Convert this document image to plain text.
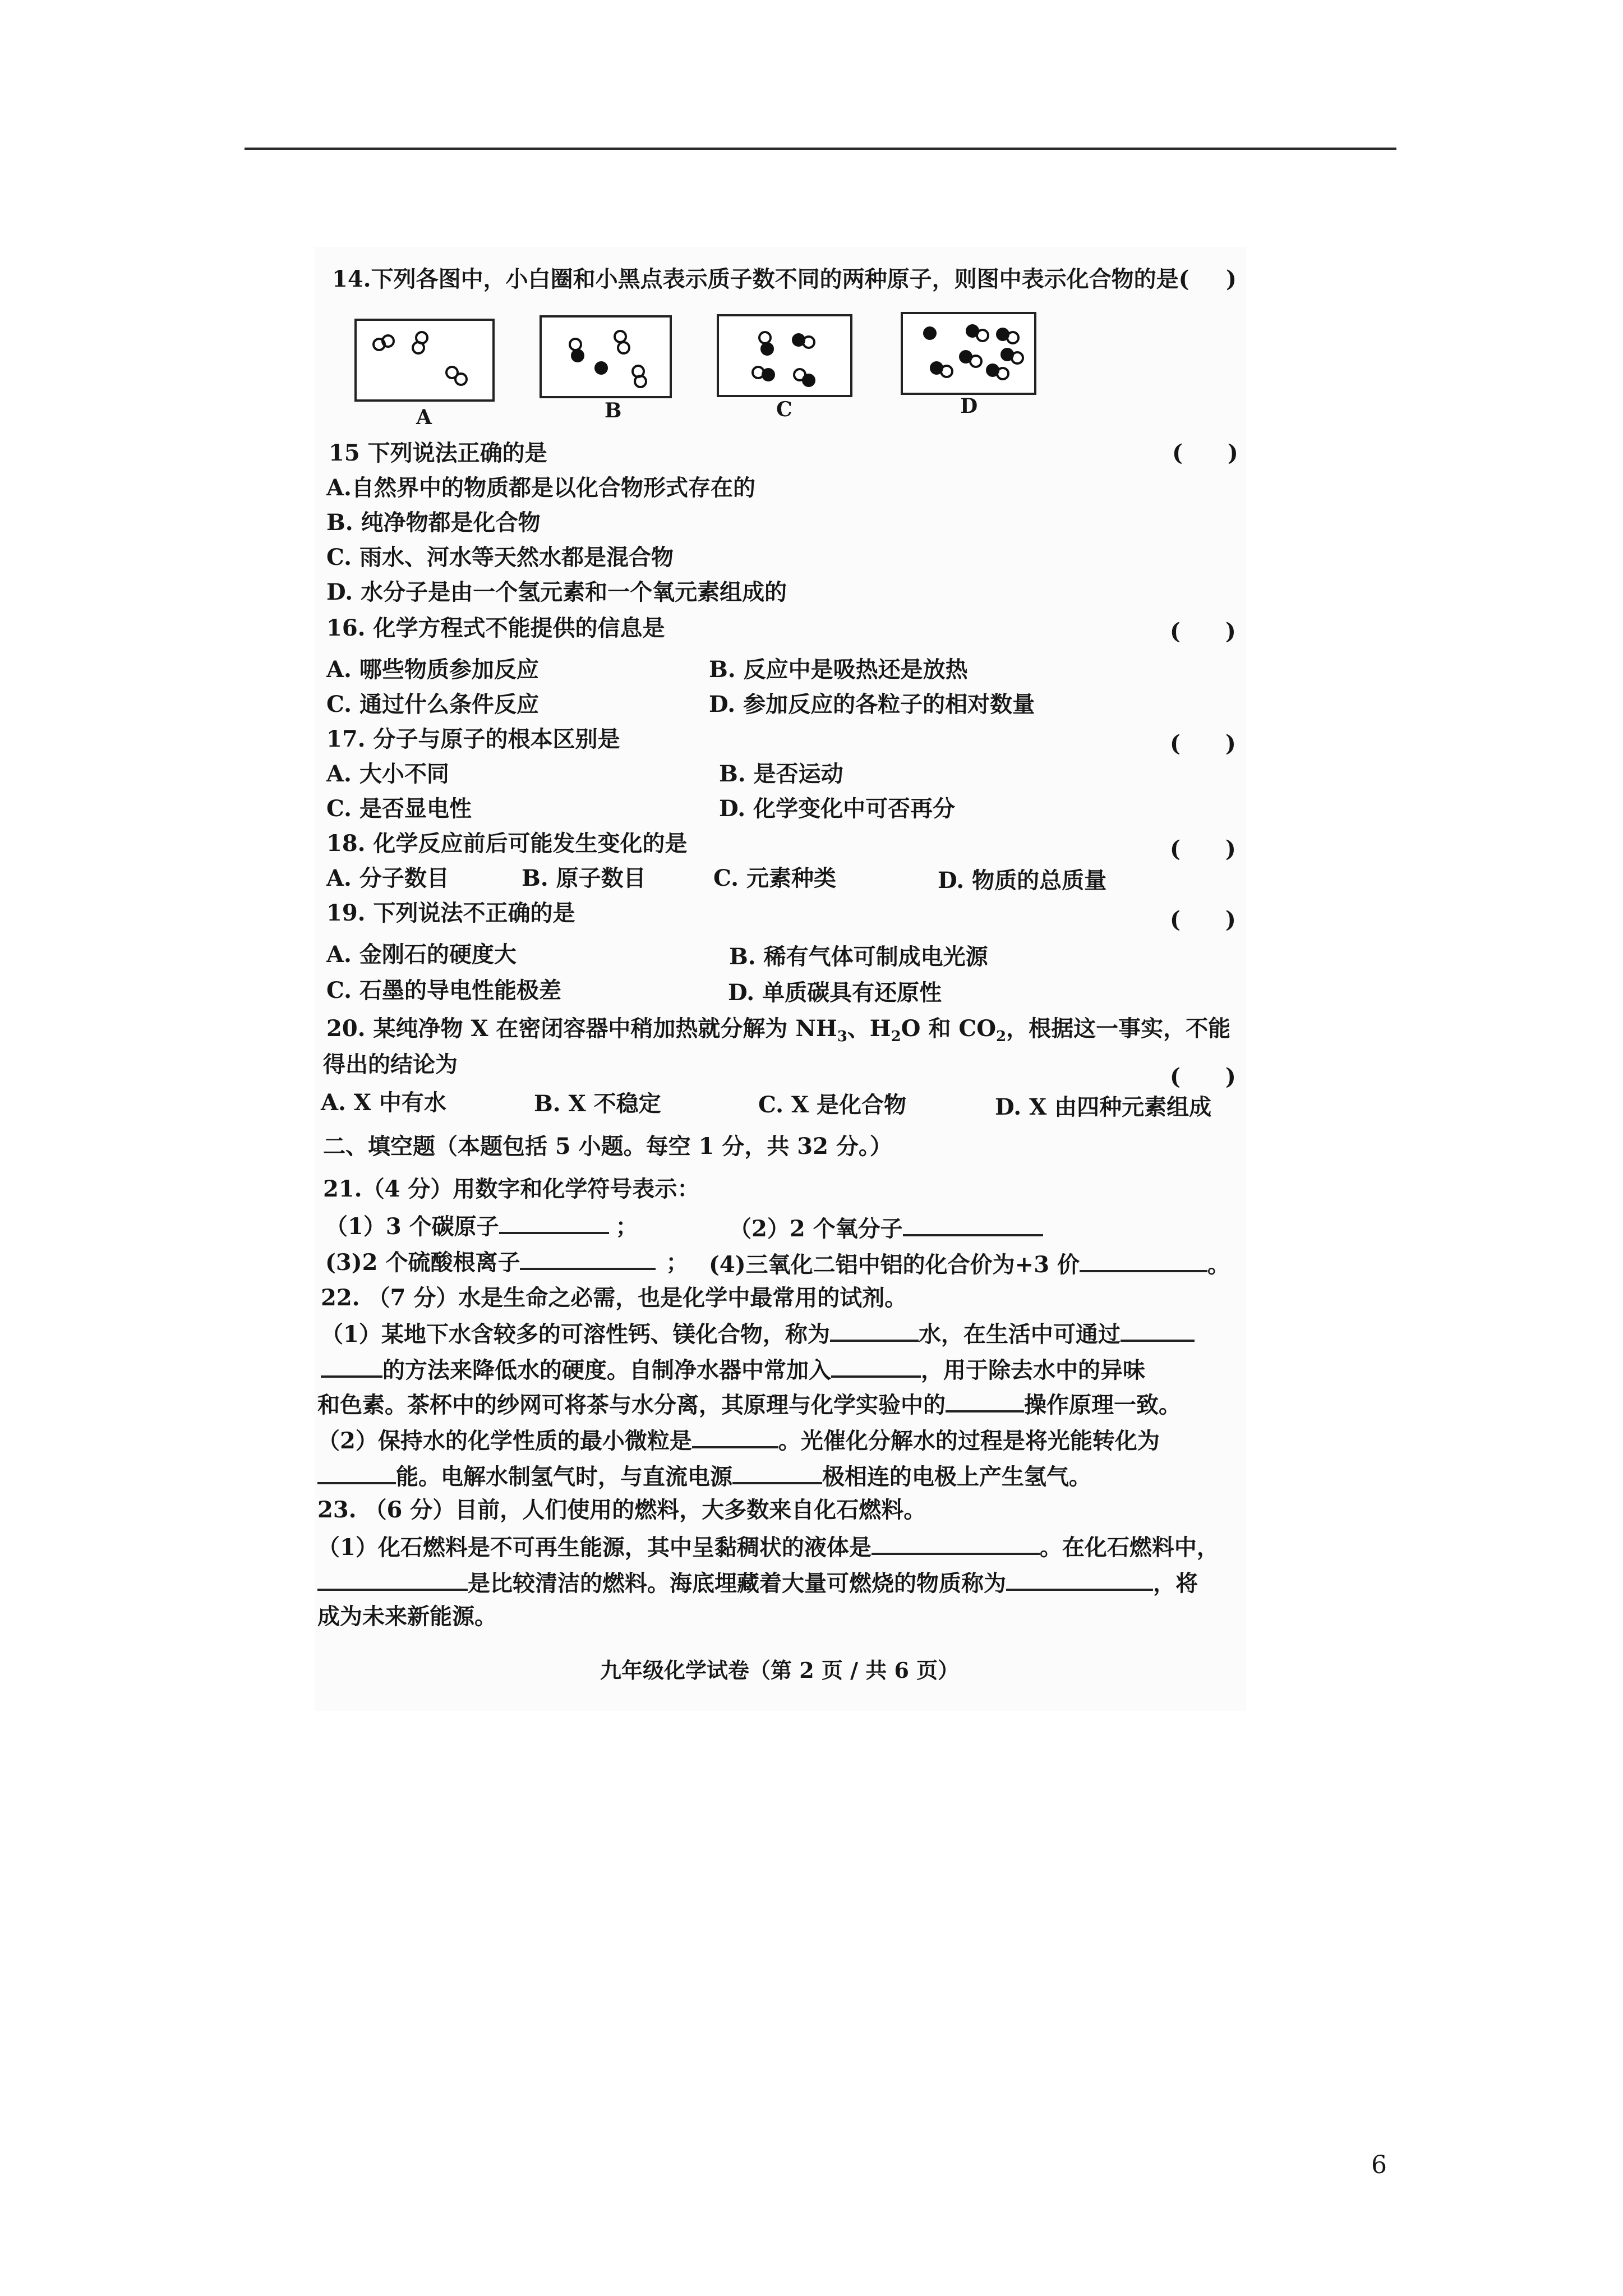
14.下列各图中，小白圈和小黑点表示质子数不同的两种原子，则图中表示化合物的是( )
A	B	C	D
15 下列说法正确的是	(　　)
A.自然界中的物质都是以化合物形式存在的
B. 纯净物都是化合物
C. 雨水、河水等天然水都是混合物
D. 水分子是由一个氢元素和一个氧元素组成的
16. 化学方程式不能提供的信息是	(　　)
A. 哪些物质参加反应	B. 反应中是吸热还是放热
C. 通过什么条件反应	D. 参加反应的各粒子的相对数量
17. 分子与原子的根本区别是	(　　)
A. 大小不同	B. 是否运动
C. 是否显电性	D. 化学变化中可否再分
18. 化学反应前后可能发生变化的是	(　　)
A. 分子数目	B. 原子数目	C. 元素种类	D. 物质的总质量
19. 下列说法不正确的是	(　　)
A. 金刚石的硬度大	B. 稀有气体可制成电光源
C. 石墨的导电性能极差	D. 单质碳具有还原性
20. 某纯净物 X 在密闭容器中稍加热就分解为 $NH_3$、$H_2O$ 和 $CO_2$，根据这一事实，不能
得出的结论为	(　　)
A. X 中有水	B. X 不稳定	C. X 是化合物	D. X 由四种元素组成
二、填空题（本题包括 5 小题。每空 1 分，共 32 分。）
21.（4 分）用数字和化学符号表示：
（1）3 个碳原子	；	（2）2 个氧分子
(3)2 个硫酸根离子	； (4)三氧化二铝中铝的化合价为+3 价	。
22. （7 分）水是生命之必需，也是化学中最常用的试剂。
（1）某地下水含较多的可溶性钙、镁化合物，称为	水，在生活中可通过
的方法来降低水的硬度。自制净水器中常加入	，用于除去水中的异味
和色素。茶杯中的纱网可将茶与水分离，其原理与化学实验中的	操作原理一致。
（2）保持水的化学性质的最小微粒是	。光催化分解水的过程是将光能转化为
能。电解水制氢气时，与直流电源	极相连的电极上产生氢气。
23. （6 分）目前，人们使用的燃料，大多数来自化石燃料。
（1）化石燃料是不可再生能源，其中呈黏稠状的液体是	。在化石燃料中，
是比较清洁的燃料。海底埋藏着大量可燃烧的物质称为	，将
成为未来新能源。
九年级化学试卷（第 2 页 / 共 6 页）
6
